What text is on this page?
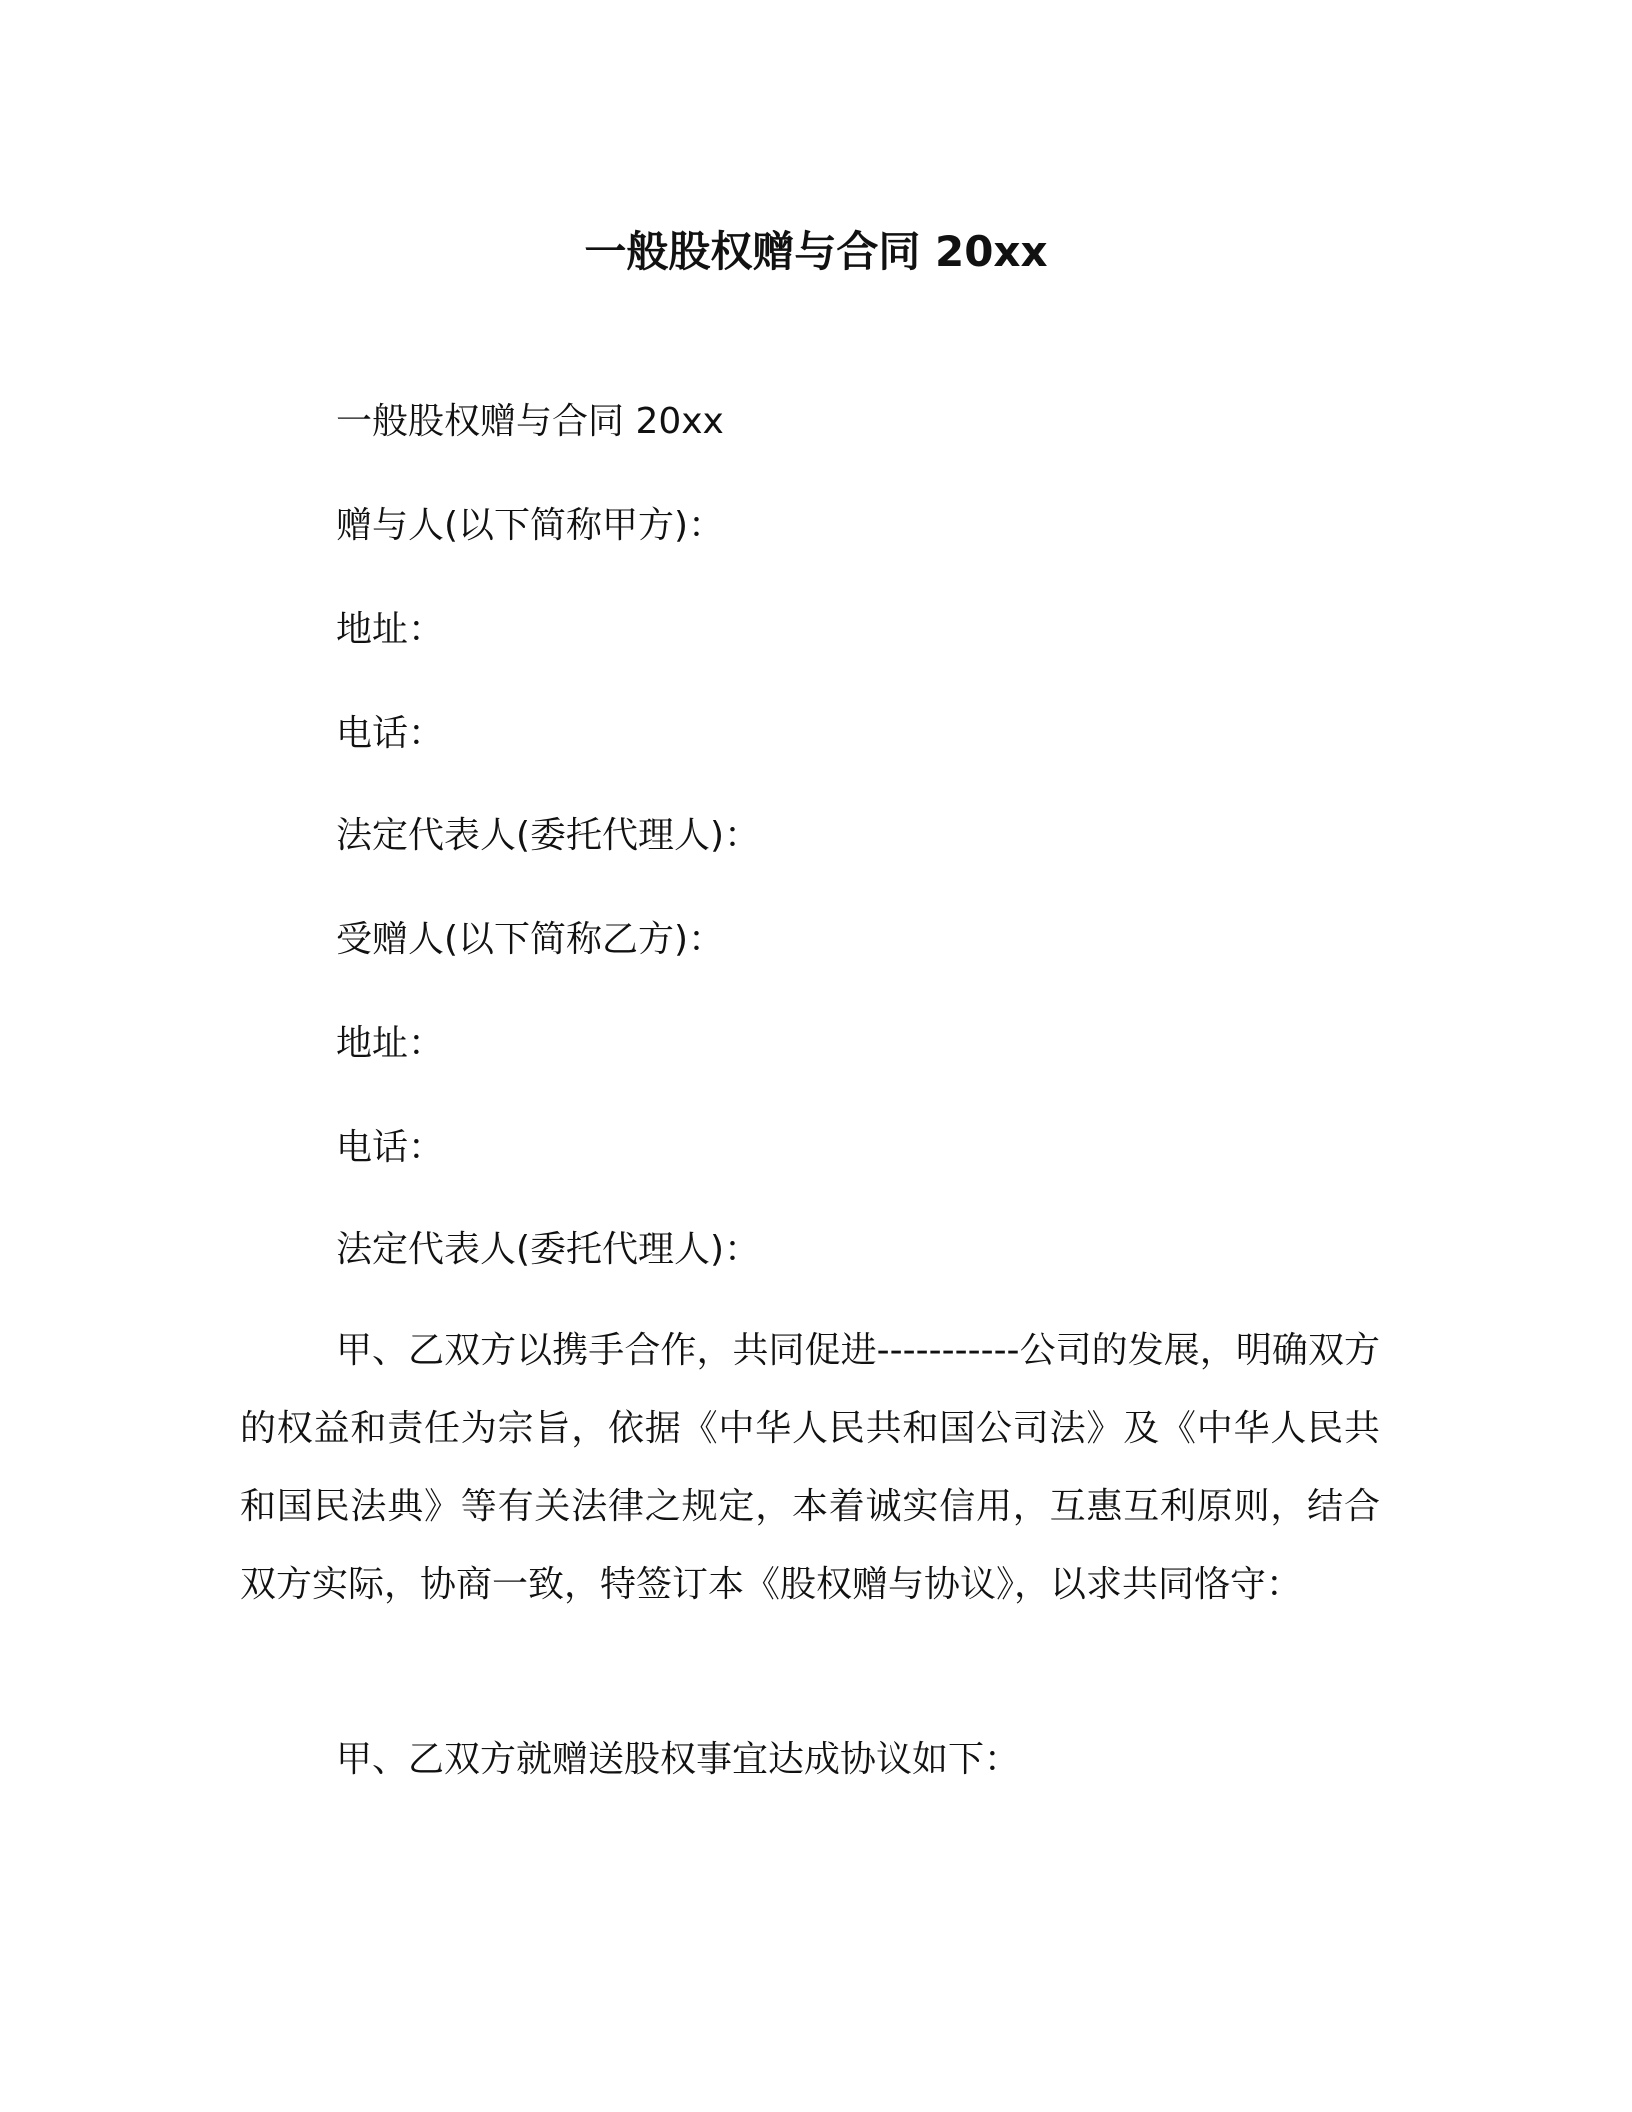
一般股权赠与合同 20xx
一般股权赠与合同 20xx
赠与人(以下简称甲方)：
地址：
电话：
法定代表人(委托代理人)：
受赠人(以下简称乙方)：
地址：
电话：
法定代表人(委托代理人)：
甲、乙双方以携手合作，共同促进-----------公司的发展，明确双方的权益和责任为宗旨，依据《中华人民共和国公司法》及《中华人民共和国民法典》等有关法律之规定，本着诚实信用，互惠互利原则，结合双方实际，协商一致，特签订本《股权赠与协议》，以求共同恪守：
甲、乙双方就赠送股权事宜达成协议如下：
